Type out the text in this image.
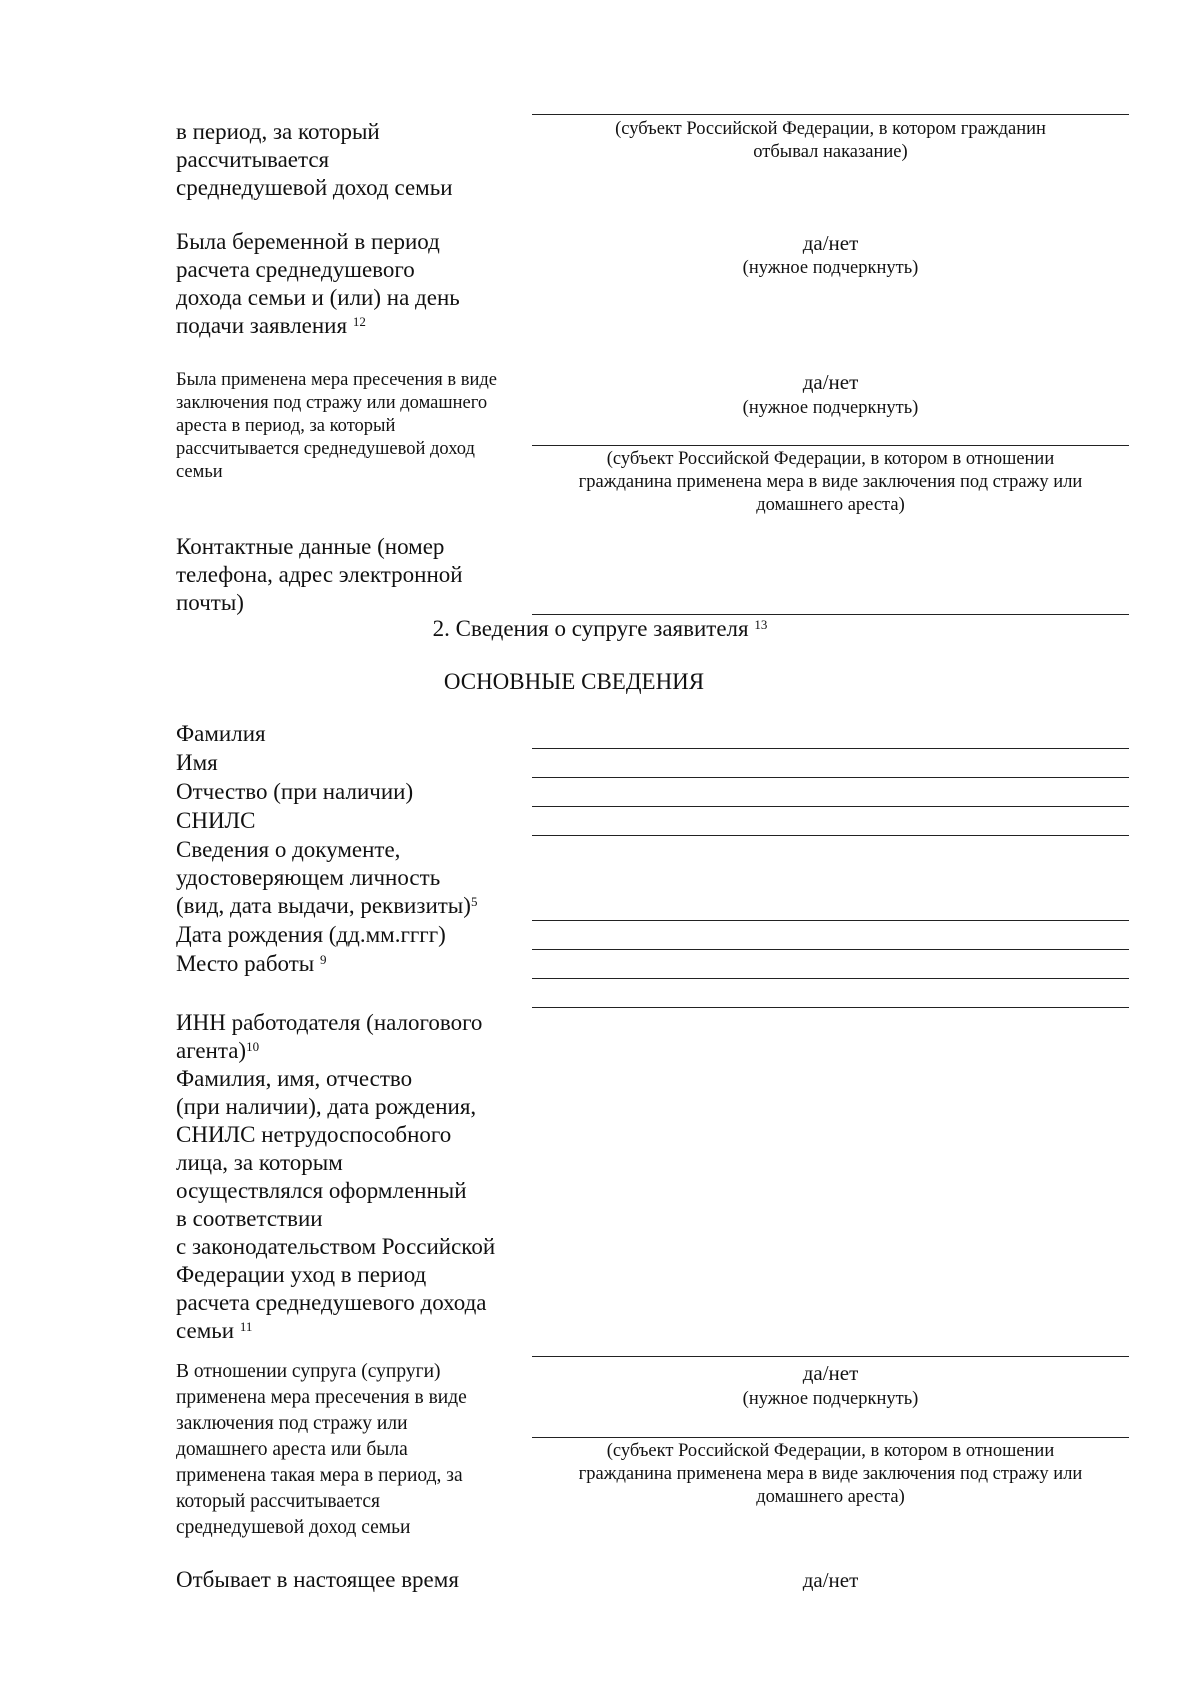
в период, за который
рассчитывается
среднедушевой доход семьи
(субъект Российской Федерации, в котором гражданин
отбывал наказание)
Была беременной в период
расчета среднедушевого
дохода семьи и (или) на день
подачи заявления $^{12}$
да/нет
(нужное подчеркнуть)
Была применена мера пресечения в виде
заключения под стражу или домашнего
ареста в период, за который
рассчитывается среднедушевой доход
семьи
да/нет
(нужное подчеркнуть)
(субъект Российской Федерации, в котором в отношении
гражданина применена мера в виде заключения под стражу или
домашнего ареста)
Контактные данные (номер
телефона, адрес электронной
почты)
2. Сведения о супруге заявителя $^{13}$
ОСНОВНЫЕ СВЕДЕНИЯ
Фамилия
Имя
Отчество (при наличии)
СНИЛС
Сведения о документе,
удостоверяющем личность
(вид, дата выдачи, реквизиты)$^5$
Дата рождения (дд.мм.гггг)
Место работы $^9$
ИНН работодателя (налогового
агента)$^{10}$
Фамилия, имя, отчество
(при наличии), дата рождения,
СНИЛС нетрудоспособного
лица, за которым
осуществлялся оформленный
в соответствии
с законодательством Российской
Федерации уход в период
расчета среднедушевого дохода
семьи $^{11}$
В отношении супруга (супруги)
применена мера пресечения в виде
заключения под стражу или
домашнего ареста или была
применена такая мера в период, за
который рассчитывается
среднедушевой доход семьи
да/нет
(нужное подчеркнуть)
(субъект Российской Федерации, в котором в отношении
гражданина применена мера в виде заключения под стражу или
домашнего ареста)
Отбывает в настоящее время	да/нет
